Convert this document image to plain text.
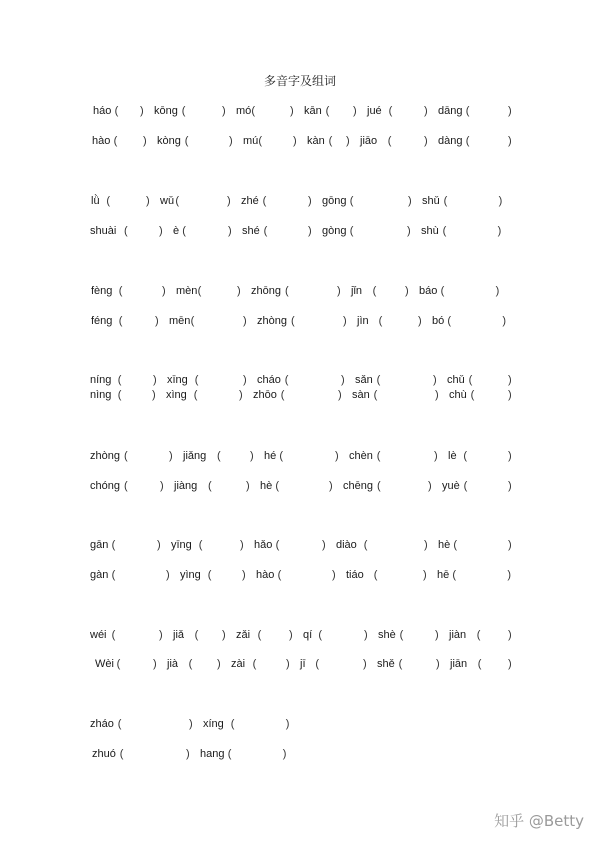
多音字及组词
háo ( ) kōng (	) mó (	) kān ( ) jué (	) dāng (	)
hào ( ) kòng (	) mú (	) kàn ( ) jiāo (	) dàng (	)
lǜ (	) wǔ (	) zhé (	) gōng (	) shǔ (	)
shuài (	) è (	) shé (	) gòng (	) shù (	)
fèng (	) mèn (	) zhōng (	) jǐn (	) báo (	)
féng (	) mēn (	) zhòng (	) jìn (	) bó (	)
níng (	) xīng (	) cháo (	) sǎn (	) chǔ (	)
nìng (	) xìng (	) zhōo (	) sàn (	) chù (	)
zhòng (	) jiǎng (	) hé (	) chèn (	) lè (	)
chóng (	) jiàng (	) hè (	) chēng (	) yuè (	)
gān (	) yīng (	) hǎo (	) diào (	) hè (	)
gàn (	) yìng (	) hào (	) tiáo (	) hē (	)
wéi (	) jiǎ ( ) zǎi (	) qí (	) shè (	) jiàn (	)
Wèi (	) jià ( ) zài (	) jī (	) shě (	) jiān ( )
zháo (	) xíng (	)
zhuó (	) hang (	)
知乎 @Betty
